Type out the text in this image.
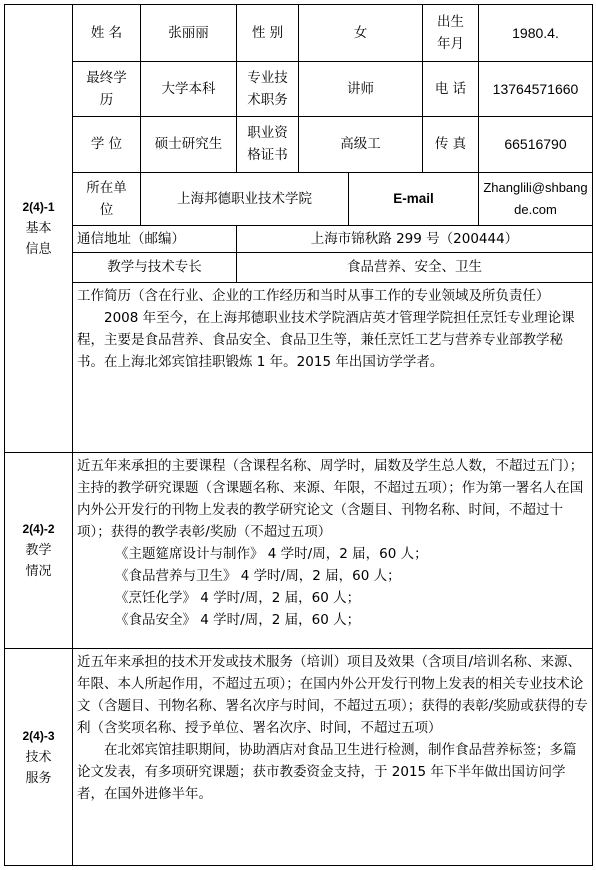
2(4)-1
基本信息	姓 名	张丽丽	性 别	女		出生年月	1980.4.
	最终学历	大学本科	专业技术职务	讲师		电 话	13764571660
	学 位	硕士研究生	职业资格证书	高级工		传 真	66516790
	所在单位	上海邦德职业技术学院			E-mail		Zhanglili@shbangde.com
	通信地址（邮编）		上海市锦秋路 299 号（200444）				
	教学与技术专长		食品营养、安全、卫生				

	工作简历（含在行业、企业的工作经历和当时从事工作的专业领域及所负责任）
2008 年至今，在上海邦德职业技术学院酒店英才管理学院担任烹饪专业理论课程，主要是食品营养、食品安全、食品卫生等，兼任烹饪工艺与营养专业部教学秘书。在上海北郊宾馆挂职锻炼 1 年。2015 年出国访学学者。						

2(4)-2
教学情况	近五年来承担的主要课程（含课程名称、周学时，届数及学生总人数，不超过五门）；主持的教学研究课题（含课题名称、来源、年限，不超过五项）；作为第一署名人在国内外公开发行的刊物上发表的教学研究论文（含题目、刊物名称、时间，不超过十项）；获得的教学表彰/奖励（不超过五项）
《主题筵席设计与制作》 4 学时/周，2 届，60 人；
《食品营养与卫生》 4 学时/周，2 届，60 人；
《烹饪化学》 4 学时/周，2 届，60 人；
《食品安全》 4 学时/周，2 届，60 人；						

2(4)-3
技术服务	近五年来承担的技术开发或技术服务（培训）项目及效果（含项目/培训名称、来源、年限、本人所起作用，不超过五项）；在国内外公开发行刊物上发表的相关专业技术论文（含题目、刊物名称、署名次序与时间，不超过五项）；获得的表彰/奖励或获得的专利（含奖项名称、授予单位、署名次序、时间，不超过五项）
在北郊宾馆挂职期间，协助酒店对食品卫生进行检测，制作食品营养标签；多篇论文发表，有多项研究课题；获市教委资金支持，于 2015 年下半年做出国访问学者，在国外进修半年。						
